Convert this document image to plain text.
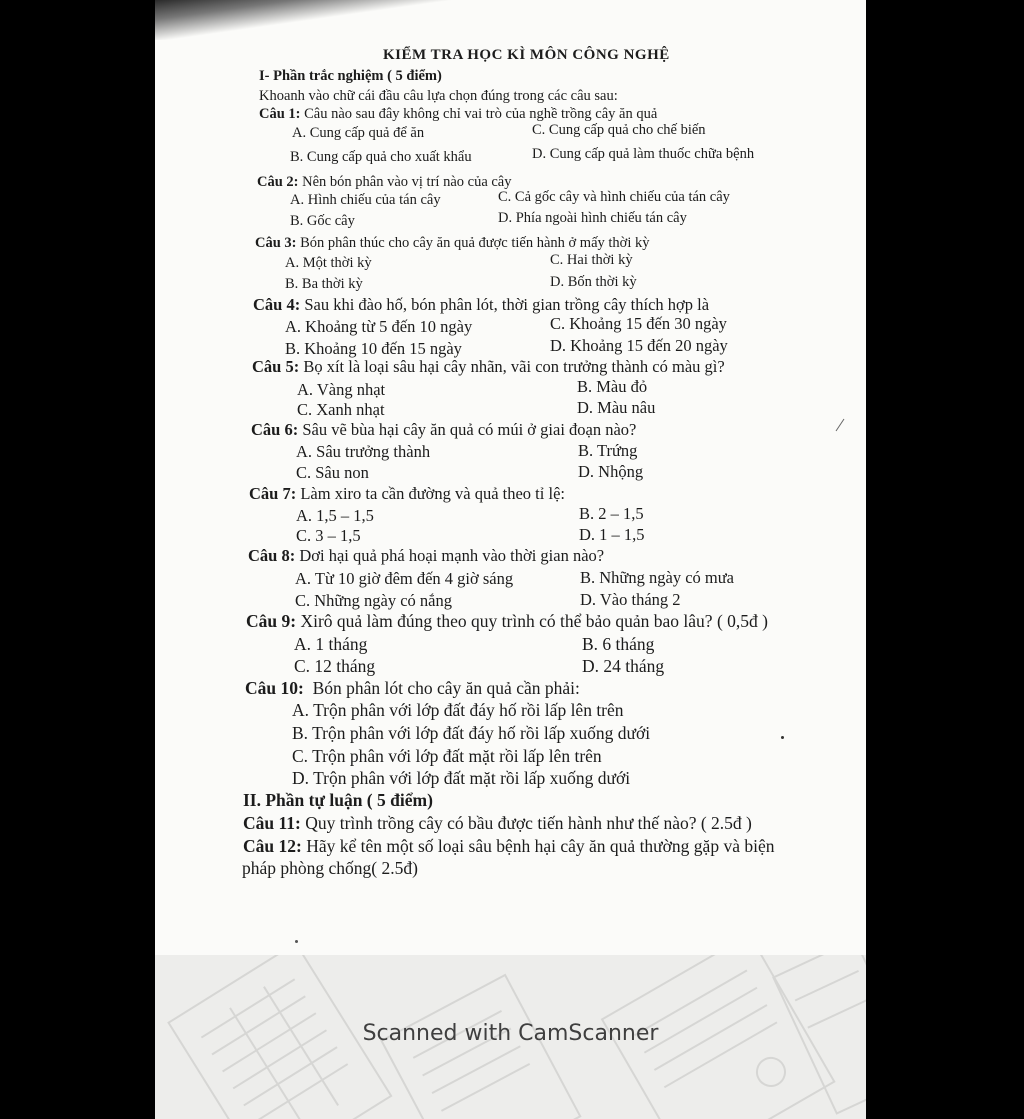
KIỂM TRA HỌC KÌ MÔN CÔNG NGHỆ
I- Phần trắc nghiệm ( 5 điểm)
Khoanh vào chữ cái đầu câu lựa chọn đúng trong các câu sau:
Câu 1: Câu nào sau đây không chỉ vai trò của nghề trồng cây ăn quả
A. Cung cấp quả để ăn	C. Cung cấp quả cho chế biến
B. Cung cấp quả cho xuất khẩu	D. Cung cấp quả làm thuốc chữa bệnh
Câu 2: Nên bón phân vào vị trí nào của cây
A. Hình chiếu của tán cây	C. Cả gốc cây và hình chiếu của tán cây
B. Gốc cây	D. Phía ngoài hình chiếu tán cây
Câu 3: Bón phân thúc cho cây ăn quả được tiến hành ở mấy thời kỳ
A. Một thời kỳ	C. Hai thời kỳ
B. Ba thời kỳ	D. Bốn thời kỳ
Câu 4: Sau khi đào hố, bón phân lót, thời gian trồng cây thích hợp là
A. Khoảng từ 5 đến 10 ngày	C. Khoảng 15 đến 30 ngày
B. Khoảng 10 đến 15 ngày	D. Khoảng 15 đến 20 ngày
Câu 5: Bọ xít là loại sâu hại cây nhãn, vãi con trưởng thành có màu gì?
A. Vàng nhạt	B. Màu đỏ
C. Xanh nhạt	D. Màu nâu
Câu 6: Sâu vẽ bùa hại cây ăn quả có múi ở giai đoạn nào?
A. Sâu trưởng thành	B. Trứng
C. Sâu non	D. Nhộng
Câu 7: Làm xiro ta cần đường và quả theo tỉ lệ:
A. 1,5 – 1,5	B. 2 – 1,5
C. 3 – 1,5	D. 1 – 1,5
Câu 8: Dơi hại quả phá hoại mạnh vào thời gian nào?
A. Từ 10 giờ đêm đến 4 giờ sáng	B. Những ngày có mưa
C. Những ngày có nắng	D. Vào tháng 2
Câu 9: Xirô quả làm đúng theo quy trình có thể bảo quản bao lâu? ( 0,5đ )
A. 1 tháng	B. 6 tháng
C. 12 tháng	D. 24 tháng
Câu 10: Bón phân lót cho cây ăn quả cần phải:
A. Trộn phân với lớp đất đáy hố rồi lấp lên trên
B. Trộn phân với lớp đất đáy hố rồi lấp xuống dưới
C. Trộn phân với lớp đất mặt rồi lấp lên trên
D. Trộn phân với lớp đất mặt rồi lấp xuống dưới
II. Phần tự luận ( 5 điểm)
Câu 11: Quy trình trồng cây có bầu được tiến hành như thế nào? ( 2.5đ )
Câu 12: Hãy kể tên một số loại sâu bệnh hại cây ăn quả thường gặp và biện
pháp phòng chống( 2.5đ)
Scanned with CamScanner
